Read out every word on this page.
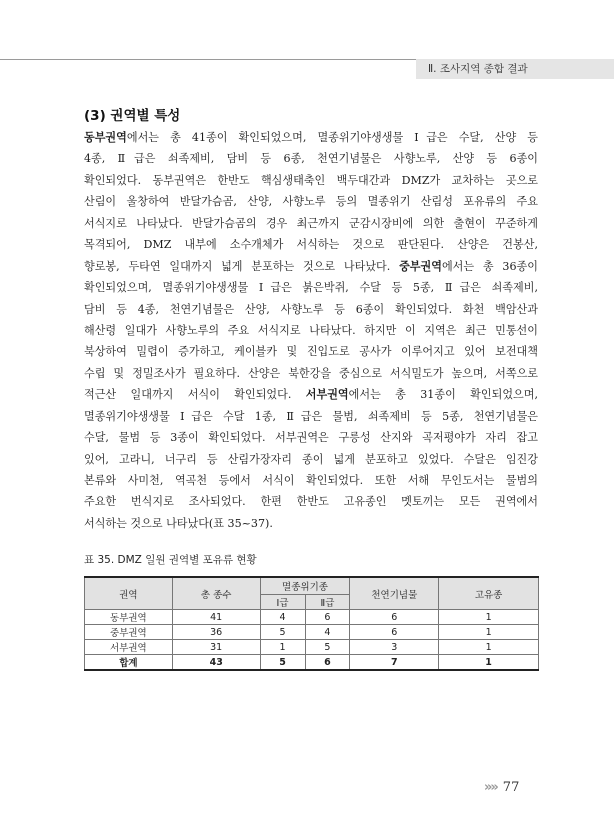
Ⅱ. 조사지역 종합 결과
(3) 권역별 특성
동부권역에서는 총 41종이 확인되었으며, 멸종위기야생생물 Ⅰ급은 수달, 산양 등
4종, Ⅱ급은 쇠족제비, 담비 등 6종, 천연기념물은 사향노루, 산양 등 6종이
확인되었다. 동부권역은 한반도 핵심생태축인 백두대간과 DMZ가 교차하는 곳으로
산림이 울창하여 반달가슴곰, 산양, 사향노루 등의 멸종위기 산림성 포유류의 주요
서식지로 나타났다. 반달가슴곰의 경우 최근까지 군감시장비에 의한 출현이 꾸준하게
목격되어, DMZ 내부에 소수개체가 서식하는 것으로 판단된다. 산양은 건봉산,
향로봉, 두타연 일대까지 넓게 분포하는 것으로 나타났다. 중부권역에서는 총 36종이
확인되었으며, 멸종위기야생생물 Ⅰ급은 붉은박쥐, 수달 등 5종, Ⅱ급은 쇠족제비,
담비 등 4종, 천연기념물은 산양, 사향노루 등 6종이 확인되었다. 화천 백암산과
해산령 일대가 사향노루의 주요 서식지로 나타났다. 하지만 이 지역은 최근 민통선이
북상하여 밀렵이 증가하고, 케이블카 및 진입도로 공사가 이루어지고 있어 보전대책
수립 및 정밀조사가 필요하다. 산양은 북한강을 중심으로 서식밀도가 높으며, 서쪽으로
적근산 일대까지 서식이 확인되었다. 서부권역에서는 총 31종이 확인되었으며,
멸종위기야생생물 Ⅰ급은 수달 1종, Ⅱ급은 물범, 쇠족제비 등 5종, 천연기념물은
수달, 물범 등 3종이 확인되었다. 서부권역은 구릉성 산지와 곡저평야가 자리 잡고
있어, 고라니, 너구리 등 산림가장자리 종이 넓게 분포하고 있었다. 수달은 임진강
본류와 사미천, 역곡천 등에서 서식이 확인되었다. 또한 서해 무인도서는 물범의
주요한 번식지로 조사되었다. 한편 한반도 고유종인 멧토끼는 모든 권역에서
서식하는 것으로 나타났다(표 35~37).
표 35. DMZ 일원 권역별 포유류 현황
권역	총 종수	멸종위기종		천연기념물	고유종
		Ⅰ급	Ⅱ급		
동부권역	41	4	6	6	1
중부권역	36	5	4	6	1
서부권역	31	1	5	3	1
합계	43	5	6	7	1
»» 77
